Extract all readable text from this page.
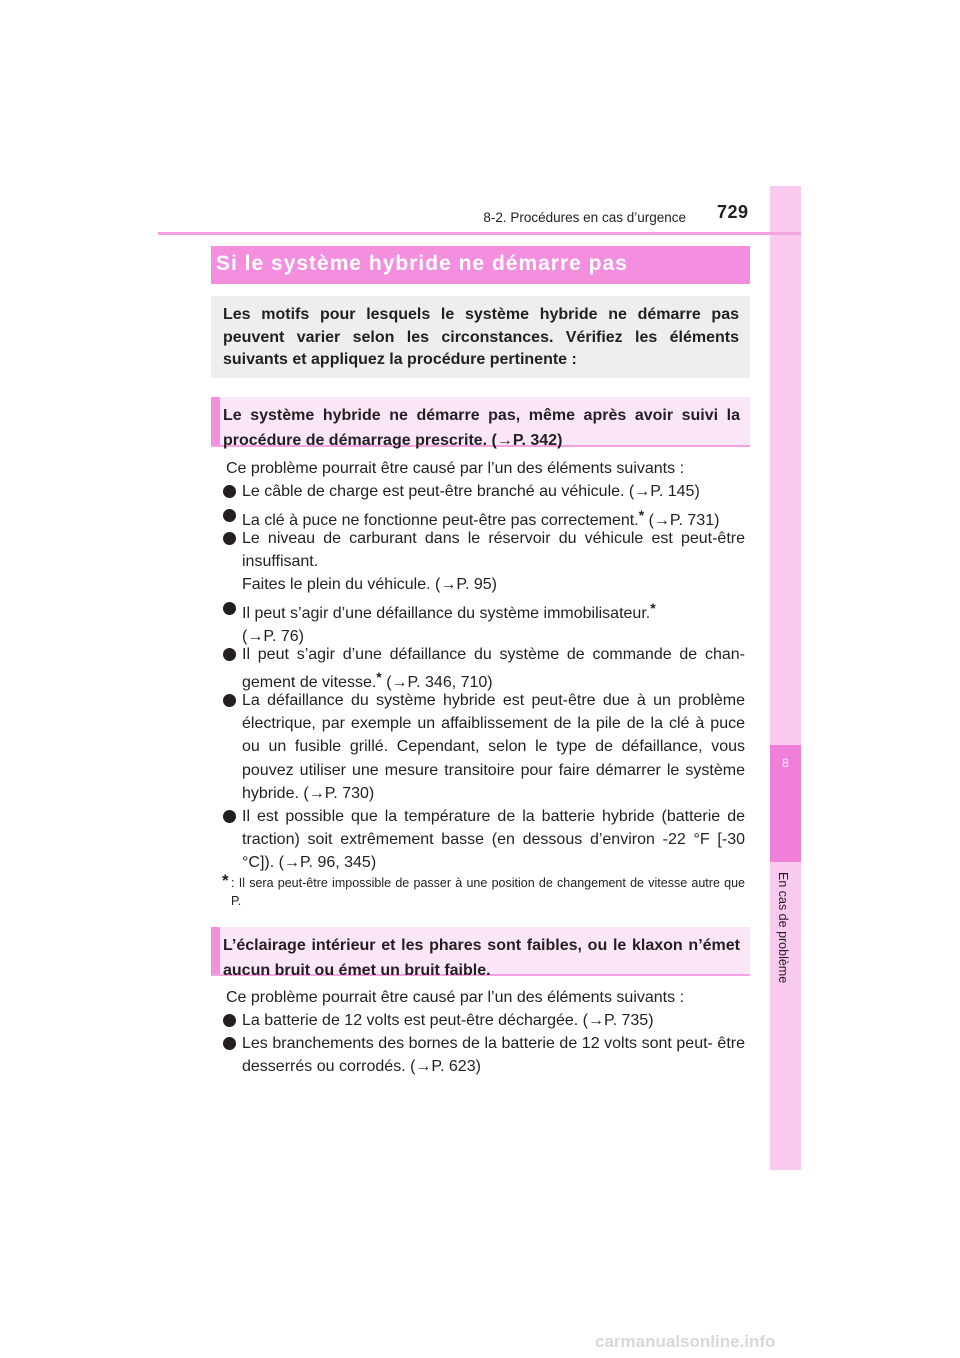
8
En cas de problème
8-2. Procédures en cas d’urgence 729
Si le système hybride ne démarre pas
Les motifs pour lesquels le système hybride ne démarre pas peuvent varier selon les circonstances. Vérifiez les éléments suivants et appliquez la procédure pertinente :
Le système hybride ne démarre pas, même après avoir suivi la procédure de démarrage prescrite. (→P. 342)
Ce problème pourrait être causé par l’un des éléments suivants :
Le câble de charge est peut-être branché au véhicule. (→P. 145)
La clé à puce ne fonctionne peut-être pas correctement.* (→P. 731)
Le niveau de carburant dans le réservoir du véhicule est peut-être insuffisant.
Faites le plein du véhicule. (→P. 95)
Il peut s’agir d’une défaillance du système immobilisateur.*
(→P. 76)
Il peut s’agir d’une défaillance du système de commande de chan- gement de vitesse.* (→P. 346, 710)
La défaillance du système hybride est peut-être due à un problème électrique, par exemple un affaiblissement de la pile de la clé à puce ou un fusible grillé. Cependant, selon le type de défaillance, vous pouvez utiliser une mesure transitoire pour faire démarrer le système hybride. (→P. 730)
Il est possible que la température de la batterie hybride (batterie de traction) soit extrêmement basse (en dessous d’environ -22 °F [-30 °C]). (→P. 96, 345)
* : Il sera peut-être impossible de passer à une position de changement de vitesse autre que P.
L’éclairage intérieur et les phares sont faibles, ou le klaxon n’émet aucun bruit ou émet un bruit faible.
Ce problème pourrait être causé par l’un des éléments suivants :
La batterie de 12 volts est peut-être déchargée. (→P. 735)
Les branchements des bornes de la batterie de 12 volts sont peut- être desserrés ou corrodés. (→P. 623)
carmanualsonline.info
